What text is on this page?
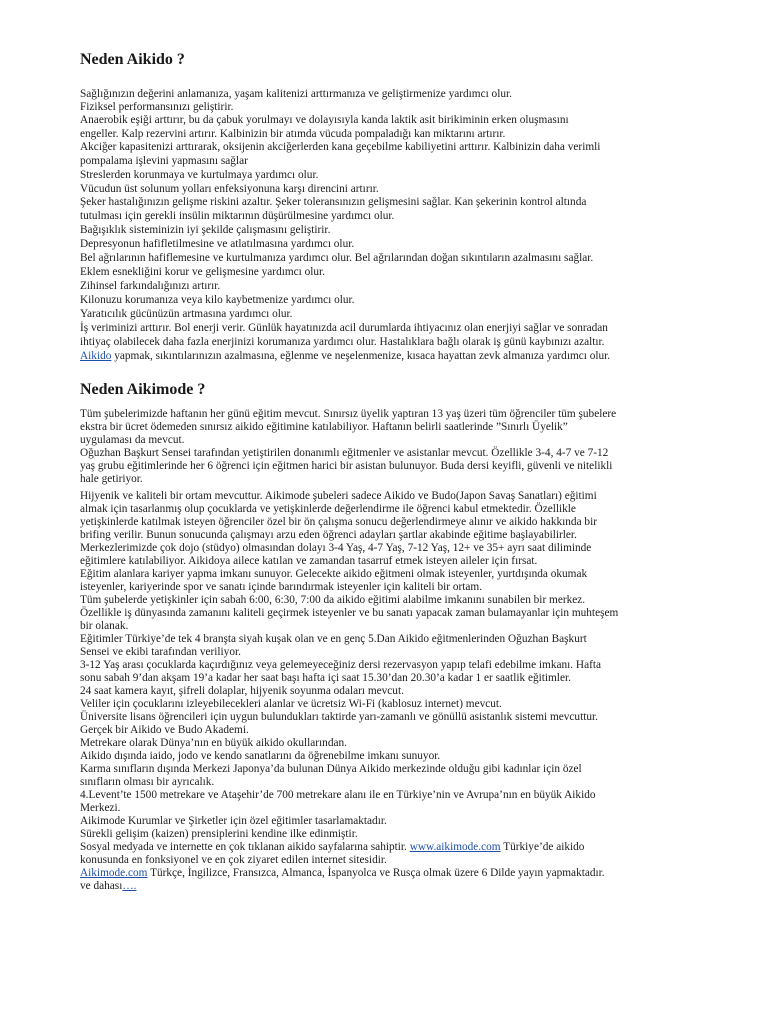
Neden Aikido ?

Sağlığınızın değerini anlamanıza, yaşam kalitenizi arttırmanıza ve geliştirmenize yardımcı olur.

Fiziksel performansınızı geliştirir.

Anaerobik eşiği arttırır, bu da çabuk yorulmayı ve dolayısıyla kanda laktik asit birikiminin erken oluşmasını

engeller. Kalp rezervini artırır. Kalbinizin bir atımda vücuda pompaladığı kan miktarını artırır.

Akciğer kapasitenizi arttırarak, oksijenin akciğerlerden kana geçebilme kabiliyetini arttırır. Kalbinizin daha verimli

pompalama işlevini yapmasını sağlar

Streslerden korunmaya ve kurtulmaya yardımcı olur.

Vücudun üst solunum yolları enfeksiyonuna karşı direncini artırır.

Şeker hastalığınızın gelişme riskini azaltır. Şeker toleransınızın gelişmesini sağlar. Kan şekerinin kontrol altında

tutulması için gerekli insülin miktarının düşürülmesine yardımcı olur.

Bağışıklık sisteminizin iyi şekilde çalışmasını geliştirir.

Depresyonun hafifletilmesine ve atlatılmasına yardımcı olur.

Bel ağrılarının hafiflemesine ve kurtulmanıza yardımcı olur. Bel ağrılarından doğan sıkıntıların azalmasını sağlar.

Eklem esnekliğini korur ve gelişmesine yardımcı olur.

Zihinsel farkındalığınızı artırır.

Kilonuzu korumanıza veya kilo kaybetmenize yardımcı olur.

Yaratıcılık gücünüzün artmasına yardımcı olur.

İş veriminizi arttırır. Bol enerji verir. Günlük hayatınızda acil durumlarda ihtiyacınız olan enerjiyi sağlar ve sonradan

ihtiyaç olabilecek daha fazla enerjinizi korumanıza yardımcı olur. Hastalıklara bağlı olarak iş günü kaybınızı azaltır.

Aikido yapmak, sıkıntılarınızın azalmasına, eğlenme ve neşelenmenize, kısaca hayattan zevk almanıza yardımcı olur.

Neden Aikimode ?

Tüm şubelerimizde haftanın her günü eğitim mevcut. Sınırsız üyelik yaptıran 13 yaş üzeri tüm öğrenciler tüm şubelere

ekstra bir ücret ödemeden sınırsız aikido eğitimine katılabiliyor. Haftanın belirli saatlerinde ”Sınırlı Üyelik”

uygulaması da mevcut.

Oğuzhan Başkurt Sensei tarafından yetiştirilen donanımlı eğitmenler ve asistanlar mevcut. Özellikle 3-4, 4-7 ve 7-12

yaş grubu eğitimlerinde her 6 öğrenci için eğitmen harici bir asistan bulunuyor. Buda dersi keyifli, güvenli ve nitelikli

hale getiriyor.

Hijyenik ve kaliteli bir ortam mevcuttur. Aikimode şubeleri sadece Aikido ve Budo(Japon Savaş Sanatları) eğitimi

almak için tasarlanmış olup çocuklarda ve yetişkinlerde değerlendirme ile öğrenci kabul etmektedir. Özellikle

yetişkinlerde katılmak isteyen öğrenciler özel bir ön çalışma sonucu değerlendirmeye alınır ve aikido hakkında bir

brifing verilir. Bunun sonucunda çalışmayı arzu eden öğrenci adayları şartlar akabinde eğitime başlayabilirler.

Merkezlerimizde çok dojo (stüdyo) olmasından dolayı 3-4 Yaş, 4-7 Yaş, 7-12 Yaş, 12+ ve 35+ ayrı saat diliminde

eğitimlere katılabiliyor. Aikidoya ailece katılan ve zamandan tasarruf etmek isteyen aileler için fırsat.

Eğitim alanlara kariyer yapma imkanı sunuyor. Gelecekte aikido eğitmeni olmak isteyenler, yurtdışında okumak

isteyenler, kariyerinde spor ve sanatı içinde barındırmak isteyenler için kaliteli bir ortam.

Tüm şubelerde yetişkinler için sabah 6:00, 6:30, 7:00 da aikido eğitimi alabilme imkanını sunabilen bir merkez.

Özellikle iş dünyasında zamanını kaliteli geçirmek isteyenler ve bu sanatı yapacak zaman bulamayanlar için muhteşem

bir olanak.

Eğitimler Türkiye’de tek 4 branşta siyah kuşak olan ve en genç 5.Dan Aikido eğitmenlerinden Oğuzhan Başkurt

Sensei ve ekibi tarafından veriliyor.

3-12 Yaş arası çocuklarda kaçırdığınız veya gelemeyeceğiniz dersi rezervasyon yapıp telafi edebilme imkanı. Hafta

sonu sabah 9’dan akşam 19’a kadar her saat başı hafta içi saat 15.30’dan 20.30’a kadar 1 er saatlik eğitimler.

24 saat kamera kayıt, şifreli dolaplar, hijyenik soyunma odaları mevcut.

Veliler için çocuklarını izleyebilecekleri alanlar ve ücretsiz Wi-Fi (kablosuz internet) mevcut.

Üniversite lisans öğrencileri için uygun bulundukları taktirde yarı-zamanlı ve gönüllü asistanlık sistemi mevcuttur.

Gerçek bir Aikido ve Budo Akademi.

Metrekare olarak Dünya’nın en büyük aikido okullarından.

Aikido dışında iaido, jodo ve kendo sanatlarını da öğrenebilme imkanı sunuyor.

Karma sınıfların dışında Merkezi Japonya’da bulunan Dünya Aikido merkezinde olduğu gibi kadınlar için özel

sınıfların olması bir ayrıcalık.

4.Levent’te 1500 metrekare ve Ataşehir’de 700 metrekare alanı ile en Türkiye’nin ve Avrupa’nın en büyük Aikido

Merkezi.

Aikimode Kurumlar ve Şirketler için özel eğitimler tasarlamaktadır.

Sürekli gelişim (kaizen) prensiplerini kendine ilke edinmiştir.

Sosyal medyada ve internette en çok tıklanan aikido sayfalarına sahiptir. www.aikimode.com Türkiye’de aikido

konusunda en fonksiyonel ve en çok ziyaret edilen internet sitesidir.

Aikimode.com Türkçe, İngilizce, Fransızca, Almanca, İspanyolca ve Rusça olmak üzere 6 Dilde yayın yapmaktadır.

ve dahası….
